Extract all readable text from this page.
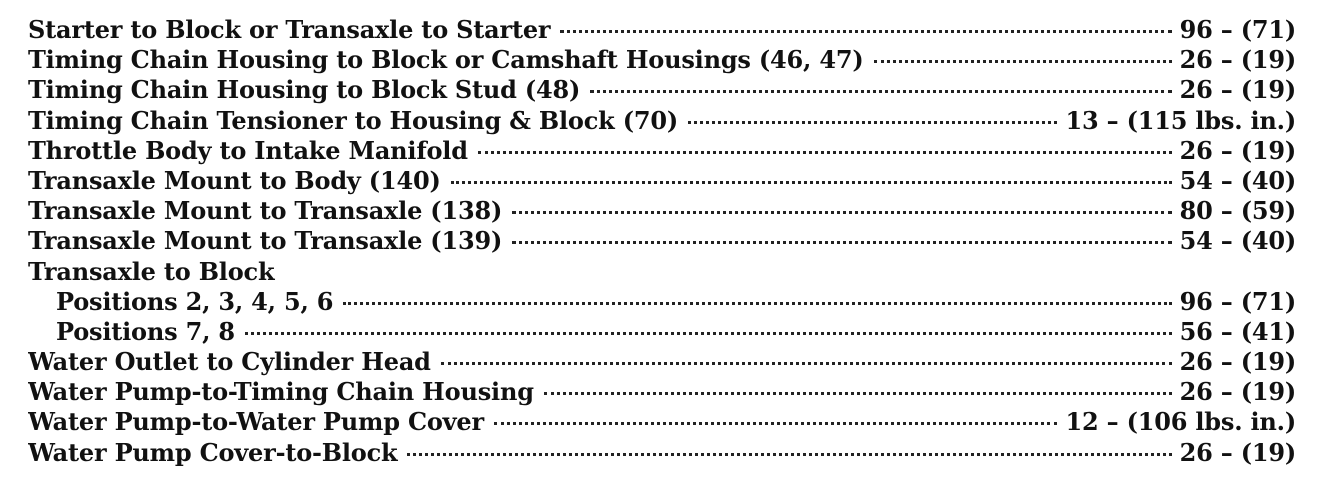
Starter to Block or Transaxle to Starter	96 – (71)
Timing Chain Housing to Block or Camshaft Housings (46, 47)	26 – (19)
Timing Chain Housing to Block Stud (48)	26 – (19)
Timing Chain Tensioner to Housing & Block (70)	13 – (115 lbs. in.)
Throttle Body to Intake Manifold	26 – (19)
Transaxle Mount to Body (140)	54 – (40)
Transaxle Mount to Transaxle (138)	80 – (59)
Transaxle Mount to Transaxle (139)	54 – (40)
Transaxle to Block
Positions 2, 3, 4, 5, 6	96 – (71)
Positions 7, 8	56 – (41)
Water Outlet to Cylinder Head	26 – (19)
Water Pump-to-Timing Chain Housing	26 – (19)
Water Pump-to-Water Pump Cover	12 – (106 lbs. in.)
Water Pump Cover-to-Block	26 – (19)
